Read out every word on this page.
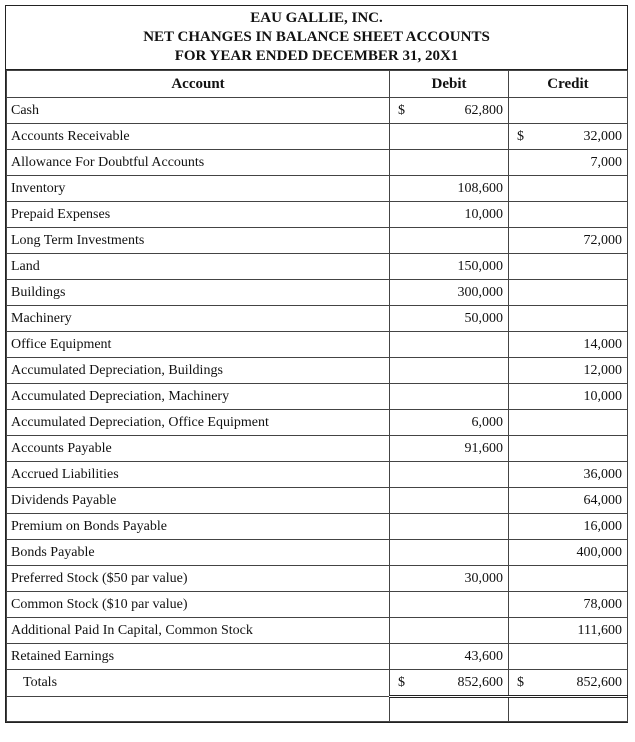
EAU GALLIE, INC.
NET CHANGES IN BALANCE SHEET ACCOUNTS
FOR YEAR ENDED DECEMBER 31, 20X1
Account	Debit	Credit
Cash	$ 62,800	

Accounts Receivable		$ 32,000
Allowance For Doubtful Accounts		7,000
Inventory	108,600	

Prepaid Expenses	10,000	

Long Term Investments		72,000
Land	150,000	

Buildings	300,000	

Machinery	50,000	

Office Equipment		14,000
Accumulated Depreciation, Buildings		12,000
Accumulated Depreciation, Machinery		10,000
Accumulated Depreciation, Office Equipment	6,000	

Accounts Payable	91,600	

Accrued Liabilities		36,000
Dividends Payable		64,000
Premium on Bonds Payable		16,000
Bonds Payable		400,000
Preferred Stock ($50 par value)	30,000	

Common Stock ($10 par value)		78,000
Additional Paid In Capital, Common Stock		111,600
Retained Earnings	43,600	

Totals	$ 852,600	$ 852,600
